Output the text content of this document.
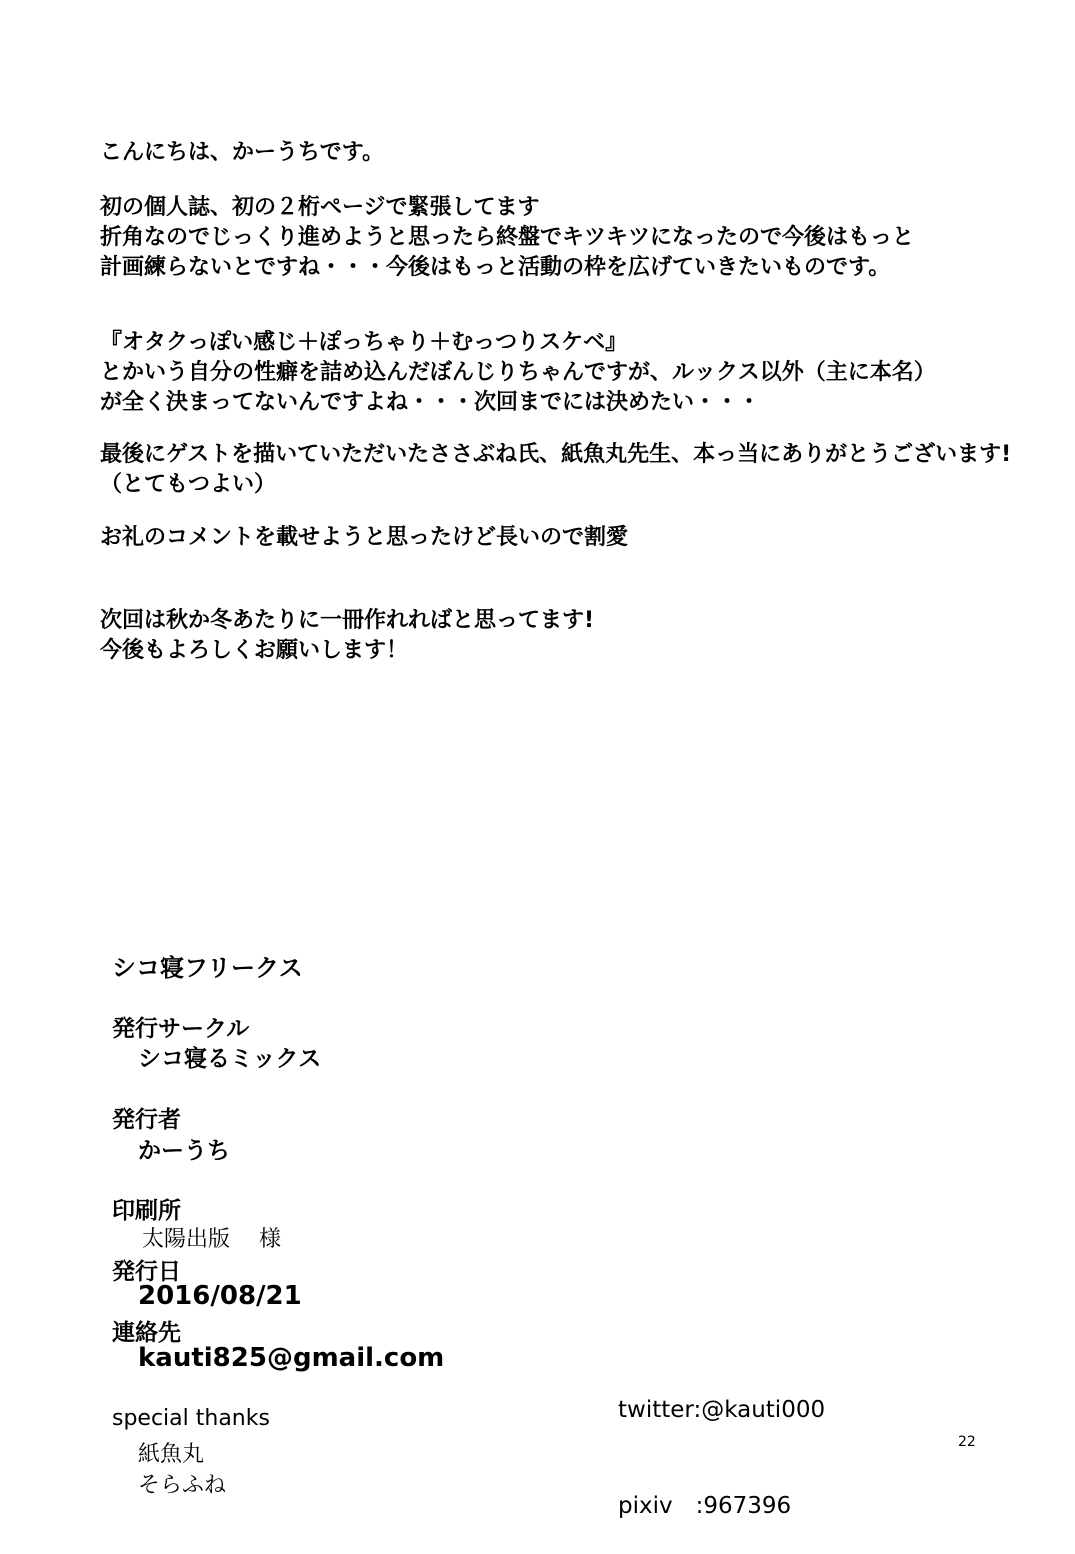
こんにちは、かーうちです。

初の個人誌、初の２桁ページで緊張してます
折角なのでじっくり進めようと思ったら終盤でキツキツになったので今後はもっと
計画練らないとですね・・・今後はもっと活動の枠を広げていきたいものです。

『オタクっぽい感じ＋ぽっちゃり＋むっつりスケベ』
とかいう自分の性癖を詰め込んだぼんじりちゃんですが、ルックス以外（主に本名）
が全く決まってないんですよね・・・次回までには決めたい・・・

最後にゲストを描いていただいたささぶね氏、紙魚丸先生、本っ当にありがとうございます!
（とてもつよい）

お礼のコメントを載せようと思ったけど長いので割愛

次回は秋か冬あたりに一冊作れればと思ってます!
今後もよろしくお願いします！

シコ寝フリークス
発行サークル
シコ寝るミックス
発行者
かーうち
印刷所
太陽出版　 様
発行日
2016/08/21
連絡先
kauti825@gmail.com
special thanks
紙魚丸
そらふね

twitter:@kauti000

pixiv　:967396

22
